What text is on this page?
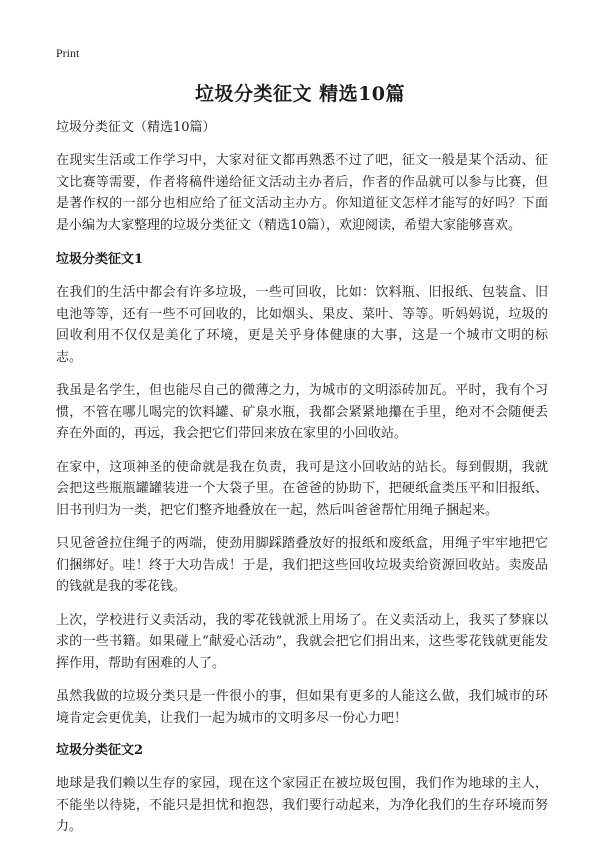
Print
垃圾分类征文 精选10篇
垃圾分类征文（精选10篇）

在现实生活或工作学习中，大家对征文都再熟悉不过了吧，征文一般是某个活动、征文比赛等需要，作者将稿件递给征文活动主办者后，作者的作品就可以参与比赛，但是著作权的一部分也相应给了征文活动主办方。你知道征文怎样才能写的好吗？下面是小编为大家整理的垃圾分类征文（精选10篇），欢迎阅读，希望大家能够喜欢。

垃圾分类征文1

在我们的生活中都会有许多垃圾，一些可回收，比如：饮料瓶、旧报纸、包装盒、旧电池等等，还有一些不可回收的，比如烟头、果皮、菜叶、等等。听妈妈说，垃圾的回收利用不仅仅是美化了环境，更是关乎身体健康的大事，这是一个城市文明的标志。

我虽是名学生，但也能尽自己的微薄之力，为城市的文明添砖加瓦。平时，我有个习惯，不管在哪儿喝完的饮料罐、矿泉水瓶，我都会紧紧地攥在手里，绝对不会随便丢弃在外面的，再远，我会把它们带回来放在家里的小回收站。

在家中，这项神圣的使命就是我在负责，我可是这小回收站的站长。每到假期，我就会把这些瓶瓶罐罐装进一个大袋子里。在爸爸的协助下，把硬纸盒类压平和旧报纸、旧书刊归为一类，把它们整齐地叠放在一起，然后叫爸爸帮忙用绳子捆起来。

只见爸爸拉住绳子的两端，使劲用脚踩踏叠放好的报纸和废纸盒，用绳子牢牢地把它们捆绑好。哇！终于大功告成！于是，我们把这些回收垃圾卖给资源回收站。卖废品的钱就是我的零花钱。

上次，学校进行义卖活动，我的零花钱就派上用场了。在义卖活动上，我买了梦寐以求的一些书籍。如果碰上“献爱心活动”，我就会把它们捐出来，这些零花钱就更能发挥作用，帮助有困难的人了。

虽然我做的垃圾分类只是一件很小的事，但如果有更多的人能这么做，我们城市的环境肯定会更优美，让我们一起为城市的文明多尽一份心力吧！

垃圾分类征文2

地球是我们赖以生存的家园，现在这个家园正在被垃圾包围，我们作为地球的主人，不能坐以待毙，不能只是担忧和抱怨，我们要行动起来，为净化我们的生存环境而努力。
